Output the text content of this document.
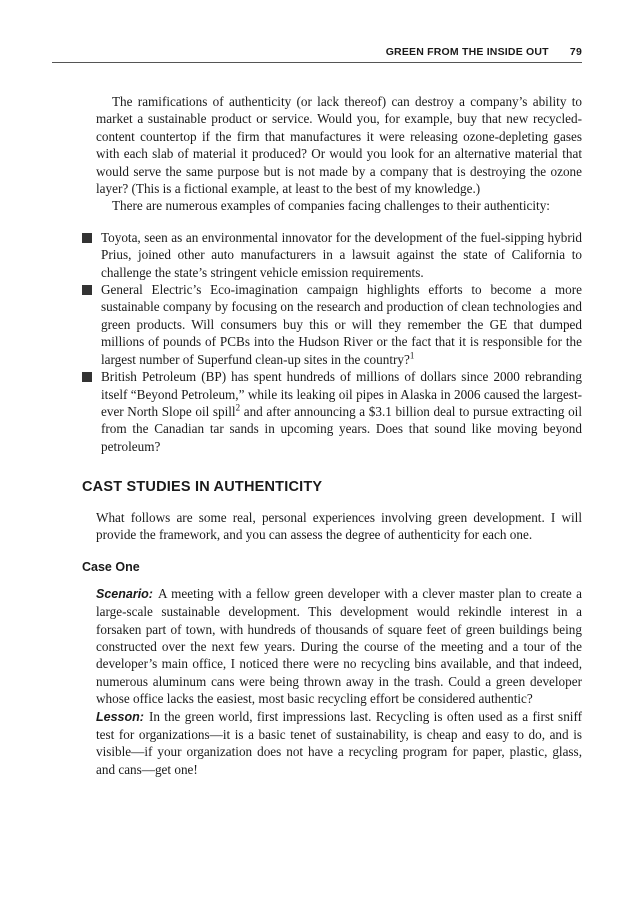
GREEN FROM THE INSIDE OUT 79

The ramifications of authenticity (or lack thereof) can destroy a company’s ability to market a sustainable product or service. Would you, for example, buy that new recycled-content countertop if the firm that manufactures it were releasing ozone-depleting gases with each slab of material it produced? Or would you look for an alternative material that would serve the same purpose but is not made by a company that is destroying the ozone layer? (This is a fictional example, at least to the best of my knowledge.)

There are numerous examples of companies facing challenges to their authenticity:

Toyota, seen as an environmental innovator for the development of the fuel-sipping hybrid Prius, joined other auto manufacturers in a lawsuit against the state of California to challenge the state’s stringent vehicle emission requirements.
General Electric’s Eco-imagination campaign highlights efforts to become a more sustainable company by focusing on the research and production of clean technologies and green products. Will consumers buy this or will they remember the GE that dumped millions of pounds of PCBs into the Hudson River or the fact that it is responsible for the largest number of Superfund clean-up sites in the country?$^1$
British Petroleum (BP) has spent hundreds of millions of dollars since 2000 rebranding itself “Beyond Petroleum,” while its leaking oil pipes in Alaska in 2006 caused the largest-ever North Slope oil spill$^2$ and after announcing a $3.1 billion deal to pursue extracting oil from the Canadian tar sands in upcoming years. Does that sound like moving beyond petroleum?
CAST STUDIES IN AUTHENTICITY

What follows are some real, personal experiences involving green development. I will provide the framework, and you can assess the degree of authenticity for each one.

Case One

Scenario: A meeting with a fellow green developer with a clever master plan to create a large-scale sustainable development. This development would rekindle interest in a forsaken part of town, with hundreds of thousands of square feet of green buildings being constructed over the next few years. During the course of the meeting and a tour of the developer’s main office, I noticed there were no recycling bins available, and that indeed, numerous aluminum cans were being thrown away in the trash. Could a green developer whose office lacks the easiest, most basic recycling effort be considered authentic?

Lesson: In the green world, first impressions last. Recycling is often used as a first sniff test for organizations—it is a basic tenet of sustainability, is cheap and easy to do, and is visible—if your organization does not have a recycling program for paper, plastic, glass, and cans—get one!
